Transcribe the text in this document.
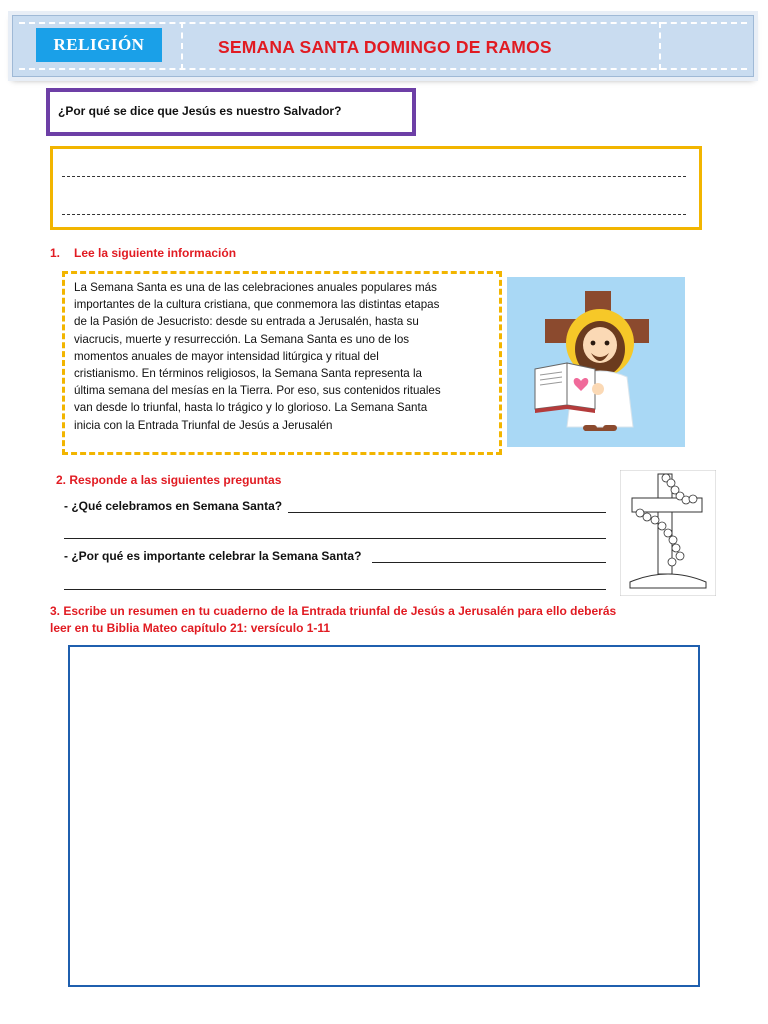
RELIGIÓN	SEMANA SANTA DOMINGO DE RAMOS
¿Por qué se dice que Jesús es nuestro Salvador?
1. Lee la siguiente información
La Semana Santa es una de las celebraciones anuales populares más
importantes de la cultura cristiana, que conmemora las distintas etapas
de la Pasión de Jesucristo: desde su entrada a Jerusalén, hasta su
viacrucis, muerte y resurrección. La Semana Santa es uno de los
momentos anuales de mayor intensidad litúrgica y ritual del
cristianismo. En términos religiosos, la Semana Santa representa la
última semana del mesías en la Tierra. Por eso, sus contenidos rituales
van desde lo triunfal, hasta lo trágico y lo glorioso. La Semana Santa
inicia con la Entrada Triunfal de Jesús a Jerusalén
2. Responde a las siguientes preguntas
- ¿Qué celebramos en Semana Santa?
- ¿Por qué es importante celebrar la Semana Santa?
3. Escribe un resumen en tu cuaderno de la Entrada triunfal de Jesús a Jerusalén para ello deberás leer en tu Biblia Mateo capítulo 21: versículo 1-11
